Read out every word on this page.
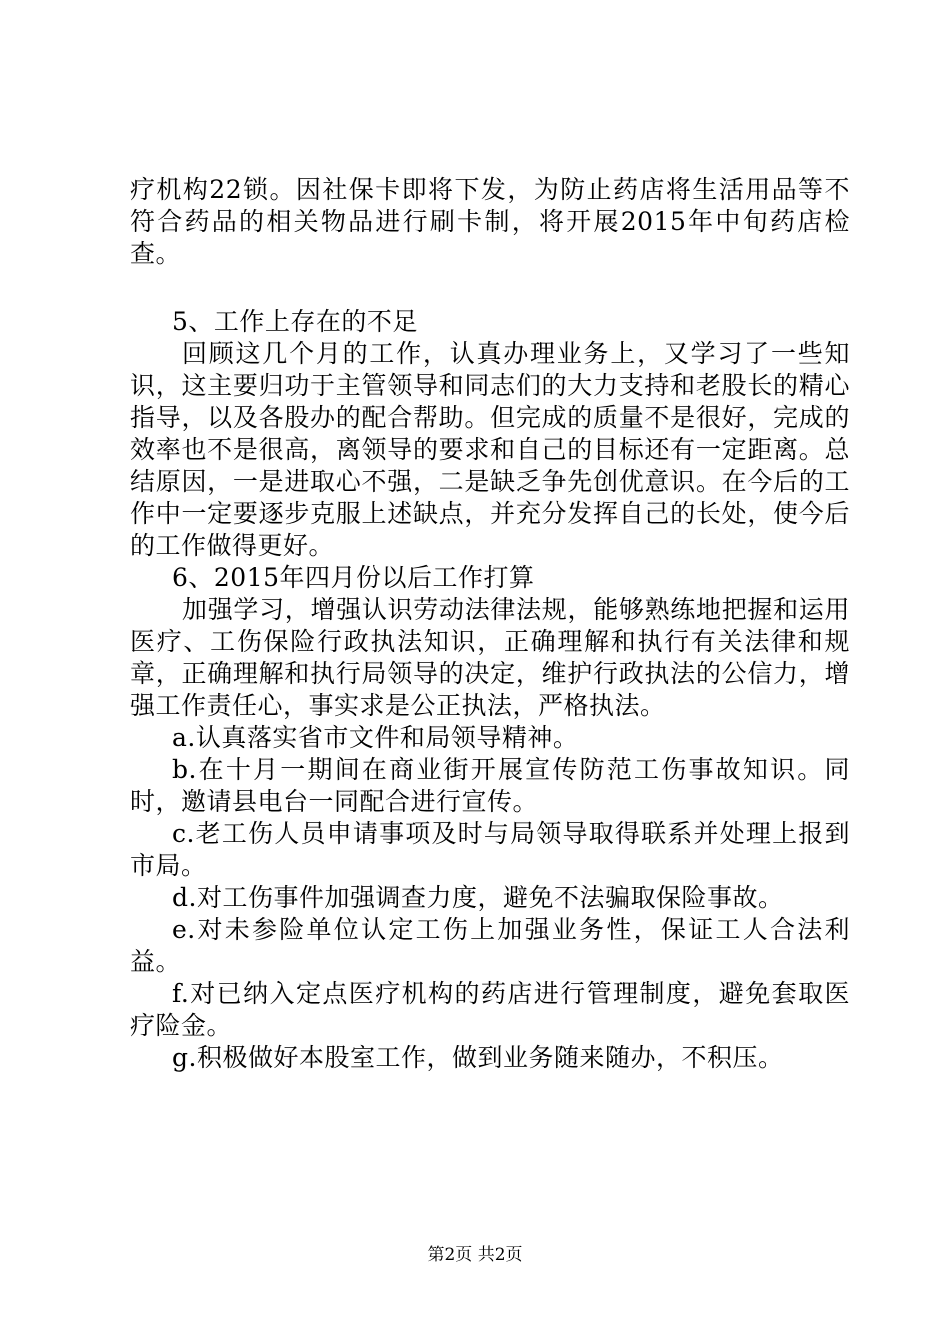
疗机构22锁。因社保卡即将下发，为防止药店将生活用品等不符合药品的相关物品进行刷卡制，将开展2015年中旬药店检查。

5、工作上存在的不足

回顾这几个月的工作，认真办理业务上，又学习了一些知识，这主要归功于主管领导和同志们的大力支持和老股长的精心指导，以及各股办的配合帮助。但完成的质量不是很好，完成的效率也不是很高，离领导的要求和自己的目标还有一定距离。总结原因，一是进取心不强，二是缺乏争先创优意识。在今后的工作中一定要逐步克服上述缺点，并充分发挥自己的长处，使今后的工作做得更好。

6、2015年四月份以后工作打算

加强学习，增强认识劳动法律法规，能够熟练地把握和运用医疗、工伤保险行政执法知识，正确理解和执行有关法律和规章，正确理解和执行局领导的决定，维护行政执法的公信力，增强工作责任心，事实求是公正执法，严格执法。

a.认真落实省市文件和局领导精神。

b.在十月一期间在商业街开展宣传防范工伤事故知识。同时，邀请县电台一同配合进行宣传。

c.老工伤人员申请事项及时与局领导取得联系并处理上报到市局。

d.对工伤事件加强调查力度，避免不法骗取保险事故。

e.对未参险单位认定工伤上加强业务性，保证工人合法利益。

f.对已纳入定点医疗机构的药店进行管理制度，避免套取医疗险金。

g.积极做好本股室工作，做到业务随来随办，不积压。

第2页 共2页
